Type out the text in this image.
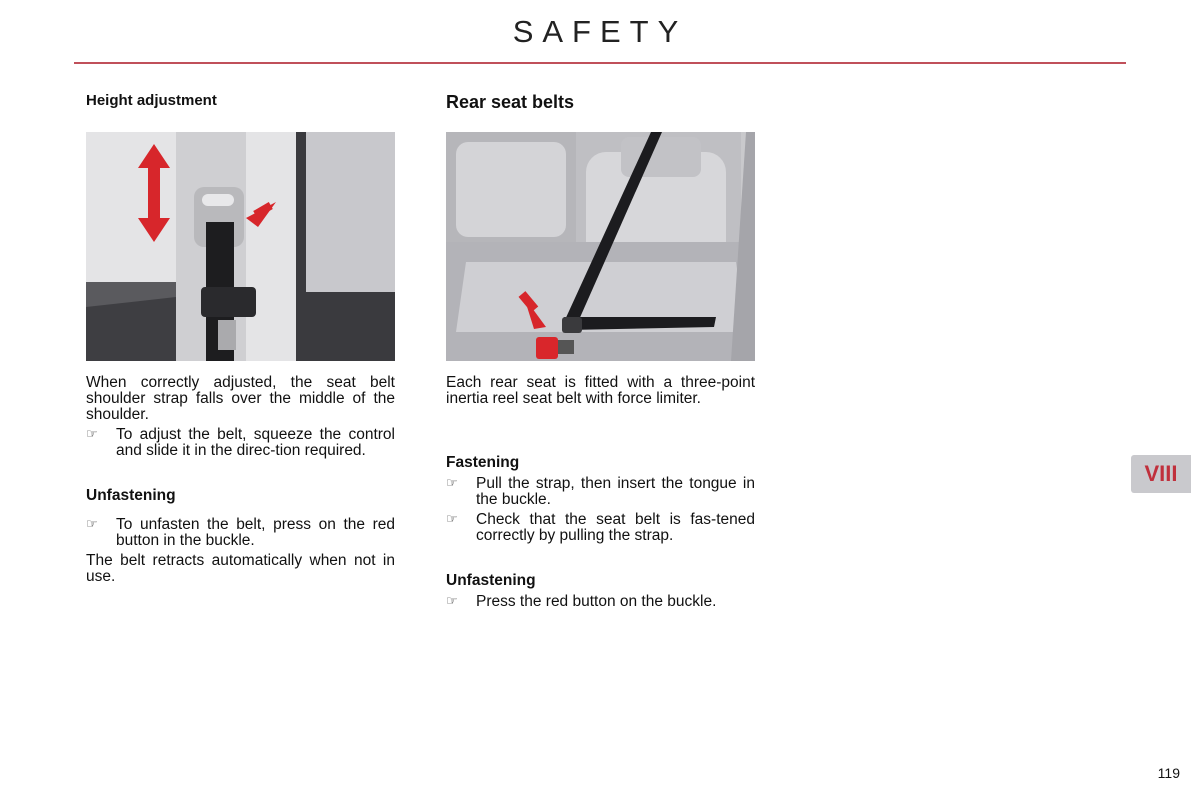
SAFETY
Height adjustment

When correctly adjusted, the seat belt shoulder strap falls over the middle of the shoulder.

☞ To adjust the belt, squeeze the control and slide it in the direc-tion required.
Unfastening
☞ To unfasten the belt, press on the red button in the buckle.

The belt retracts automatically when not in use.

Rear seat belts

Each rear seat is fitted with a three-point inertia reel seat belt with force limiter.

Fastening
☞ Pull the strap, then insert the tongue in the buckle.
☞ Check that the seat belt is fas-tened correctly by pulling the strap.
Unfastening
☞ Press the red button on the buckle.
VIII
119
